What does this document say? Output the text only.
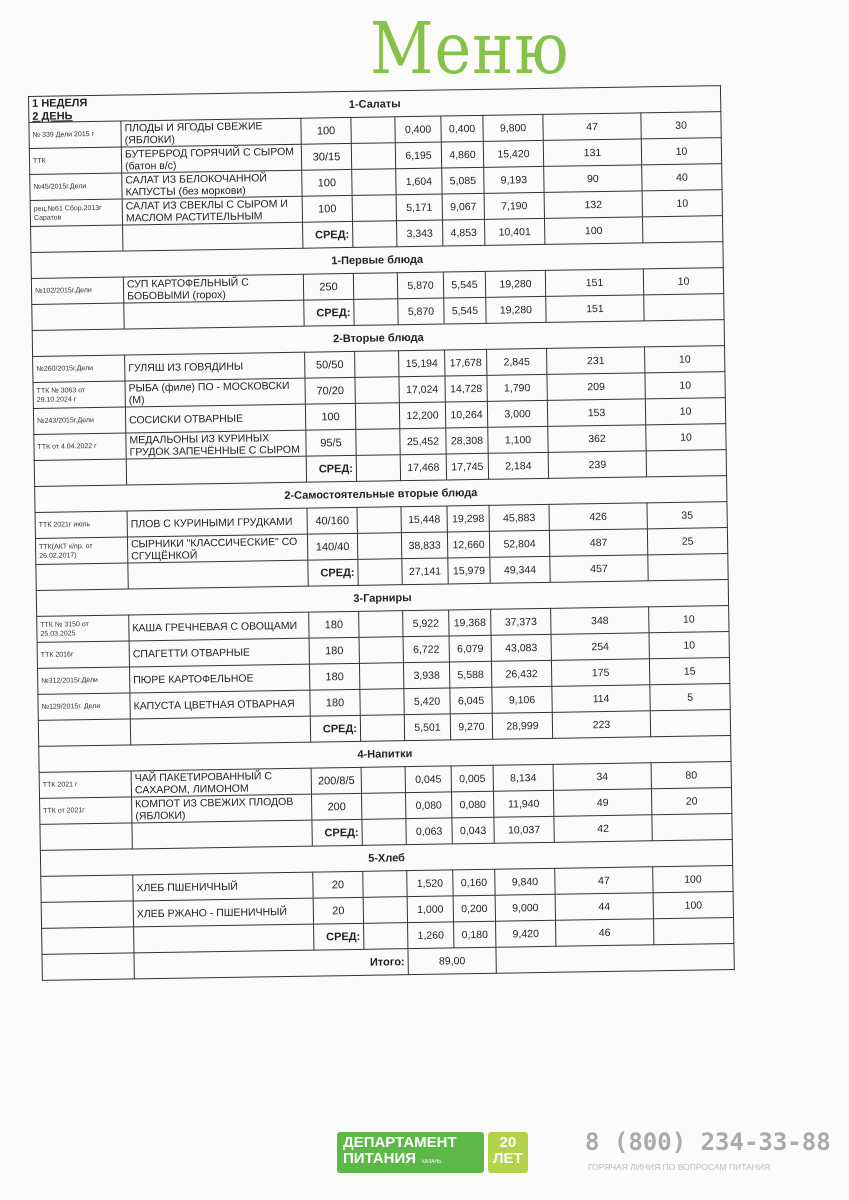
Меню
1 НЕДЕЛЯ
2 ДЕНЬ
1-Салаты								
№ 339 Дели 2015 г	ПЛОДЫ И ЯГОДЫ СВЕЖИЕ (ЯБЛОКИ)	100		0,400	0,400	9,800	47	30
ТТК	БУТЕРБРОД ГОРЯЧИЙ С СЫРОМ (батон в/с)	30/15		6,195	4,860	15,420	131	10
№45/2015г.Дели	САЛАТ ИЗ БЕЛОКОЧАННОЙ КАПУСТЫ (без моркови)	100		1,604	5,085	9,193	90	40
рец.№61 Сбор.2013г Саратов	САЛАТ ИЗ СВЕКЛЫ С СЫРОМ И МАСЛОМ РАСТИТЕЛЬНЫМ	100		5,171	9,067	7,190	132	10
		СРЕД:		3,343	4,853	10,401	100	
1-Первые блюда								
№102/2015г.Дели	СУП КАРТОФЕЛЬНЫЙ С БОБОВЫМИ (горох)	250		5,870	5,545	19,280	151	10
		СРЕД:		5,870	5,545	19,280	151	
2-Вторые блюда								
№260/2015г.Дели	ГУЛЯШ ИЗ ГОВЯДИНЫ	50/50		15,194	17,678	2,845	231	10
ТТК № 3063 от 29.10.2024 г	РЫБА (филе) ПО - МОСКОВСКИ (М)	70/20		17,024	14,728	1,790	209	10
№243/2015г.Дели	СОСИСКИ ОТВАРНЫЕ	100		12,200	10,264	3,000	153	10
ТТК от 4.04.2022 г	МЕДАЛЬОНЫ ИЗ КУРИНЫХ ГРУДОК ЗАПЕЧЁННЫЕ С СЫРОМ	95/5		25,452	28,308	1,100	362	10
		СРЕД:		17,468	17,745	2,184	239	
2-Самостоятельные вторые блюда								
ТТК 2021г июль	ПЛОВ С КУРИНЫМИ ГРУДКАМИ	40/160		15,448	19,298	45,883	426	35
ТТК(АКТ к/пр. от 26.02.2017)	СЫРНИКИ "КЛАССИЧЕСКИЕ" СО СГУЩЁНКОЙ	140/40		38,833	12,660	52,804	487	25
		СРЕД:		27,141	15,979	49,344	457	
3-Гарниры								
ТТК № 3150 от 25.03.2025	КАША ГРЕЧНЕВАЯ С ОВОЩАМИ	180		5,922	19,368	37,373	348	10
ТТК 2016г	СПАГЕТТИ ОТВАРНЫЕ	180		6,722	6,079	43,083	254	10
№312/2015г.Дели	ПЮРЕ КАРТОФЕЛЬНОЕ	180		3,938	5,588	26,432	175	15
№129/2015г. Дели	КАПУСТА ЦВЕТНАЯ ОТВАРНАЯ	180		5,420	6,045	9,106	114	5
		СРЕД:		5,501	9,270	28,999	223	
4-Напитки								
ТТК 2021 г	ЧАЙ ПАКЕТИРОВАННЫЙ С САХАРОМ, ЛИМОНОМ	200/8/5		0,045	0,005	8,134	34	80
ТТК от 2021г	КОМПОТ ИЗ СВЕЖИХ ПЛОДОВ (ЯБЛОКИ)	200		0,080	0,080	11,940	49	20
		СРЕД:		0,063	0,043	10,037	42	
5-Хлеб								
	ХЛЕБ ПШЕНИЧНЫЙ	20		1,520	0,160	9,840	47	100
	ХЛЕБ РЖАНО - ПШЕНИЧНЫЙ	20		1,000	0,200	9,000	44	100
		СРЕД:		1,260	0,180	9,420	46	
	Итого:			89,00				
ДЕПАРТАМЕНТ
ПИТАНИЯ КАЗАНЬ
20
ЛЕТ
8 (800) 234-33-88
ГОРЯЧАЯ ЛИНИЯ ПО ВОПРОСАМ ПИТАНИЯ
